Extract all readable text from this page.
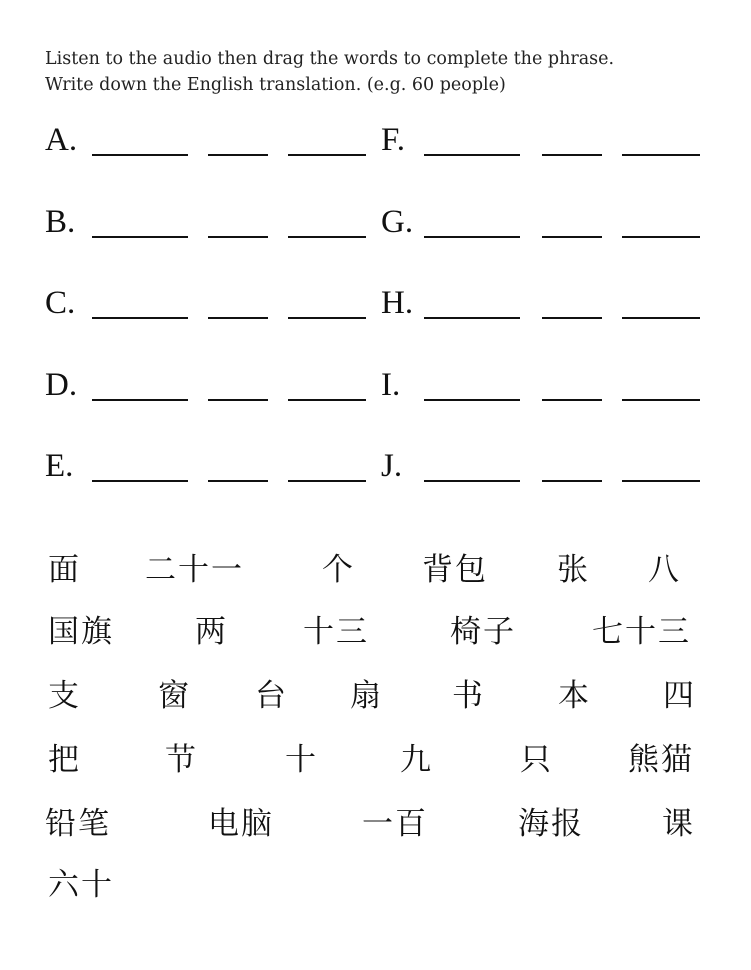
Listen to the audio then drag the words to complete the phrase.
Write down the English translation. (e.g. 60 people)
A.
B.
C.
D.
E.
F.
G.
H.
I.
J.
面 二十一	个 背包 张 八
国旗	两 十三	椅子 七十三
支 窗 台 扇 书 本 四
把	节	十	九	只 熊猫
铅笔	电脑	一百	海报	课
六十
